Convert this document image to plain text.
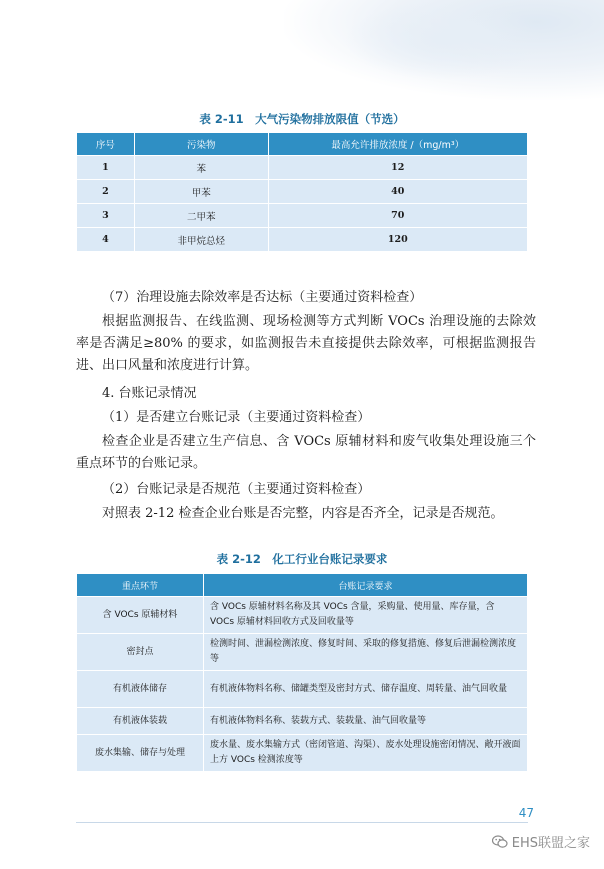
表 2-11　大气污染物排放限值（节选）
序号	污染物	最高允许排放浓度 /（mg/m³）
1	苯	12
2	甲苯	40
3	二甲苯	70
4	非甲烷总烃	120

（7）治理设施去除效率是否达标（主要通过资料检查）

根据监测报告、在线监测、现场检测等方式判断 VOCs 治理设施的去除效率是否满足≥80% 的要求，如监测报告未直接提供去除效率，可根据监测报告进、出口风量和浓度进行计算。

4. 台账记录情况

（1）是否建立台账记录（主要通过资料检查）

检查企业是否建立生产信息、含 VOCs 原辅材料和废气收集处理设施三个重点环节的台账记录。

（2）台账记录是否规范（主要通过资料检查）

对照表 2-12 检查企业台账是否完整，内容是否齐全，记录是否规范。

表 2-12　化工行业台账记录要求
重点环节	台账记录要求
含 VOCs 原辅材料	含 VOCs 原辅材料名称及其 VOCs 含量，采购量、使用量、库存量，含 VOCs 原辅材料回收方式及回收量等
密封点	检测时间、泄漏检测浓度、修复时间、采取的修复措施、修复后泄漏检测浓度等
有机液体储存	有机液体物料名称、储罐类型及密封方式、储存温度、周转量、油气回收量
有机液体装载	有机液体物料名称、装载方式、装载量、油气回收量等
废水集输、储存与处理	废水量、废水集输方式（密闭管道、沟渠）、废水处理设施密闭情况、敞开液面上方 VOCs 检测浓度等
47
EHS联盟之家
